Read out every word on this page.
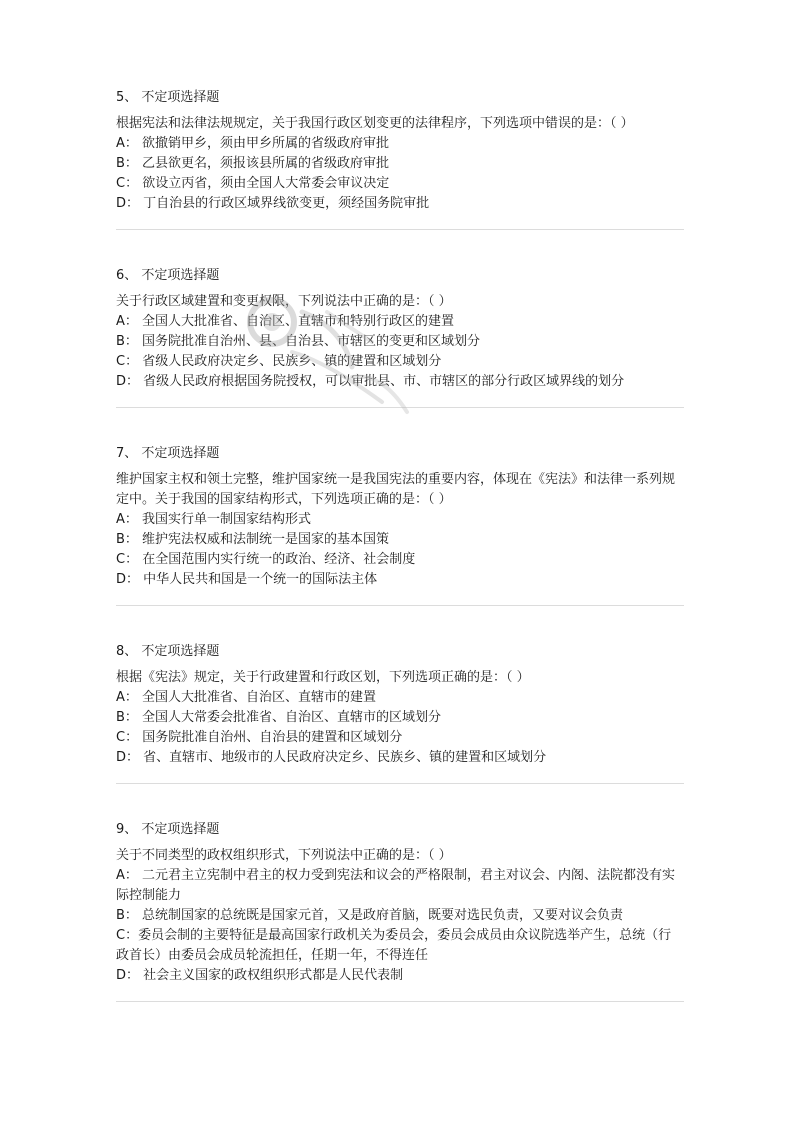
5、 不定项选择题
根据宪法和法律法规规定，关于我国行政区划变更的法律程序，下列选项中错误的是：（ ）
A： 欲撤销甲乡，须由甲乡所属的省级政府审批
B： 乙县欲更名，须报该县所属的省级政府审批
C： 欲设立丙省，须由全国人大常委会审议决定
D： 丁自治县的行政区域界线欲变更，须经国务院审批
6、 不定项选择题
关于行政区域建置和变更权限，下列说法中正确的是：（ ）
A： 全国人大批准省、自治区、直辖市和特别行政区的建置
B： 国务院批准自治州、县、自治县、市辖区的变更和区域划分
C： 省级人民政府决定乡、民族乡、镇的建置和区域划分
D： 省级人民政府根据国务院授权，可以审批县、市、市辖区的部分行政区域界线的划分
7、 不定项选择题
维护国家主权和领土完整，维护国家统一是我国宪法的重要内容，体现在《宪法》和法律一系列规定中。关于我国的国家结构形式，下列选项正确的是：（ ）
A： 我国实行单一制国家结构形式
B： 维护宪法权威和法制统一是国家的基本国策
C： 在全国范围内实行统一的政治、经济、社会制度
D： 中华人民共和国是一个统一的国际法主体
8、 不定项选择题
根据《宪法》规定，关于行政建置和行政区划，下列选项正确的是：（ ）
A： 全国人大批准省、自治区、直辖市的建置
B： 全国人大常委会批准省、自治区、直辖市的区域划分
C： 国务院批准自治州、自治县的建置和区域划分
D： 省、直辖市、地级市的人民政府决定乡、民族乡、镇的建置和区域划分
9、 不定项选择题
关于不同类型的政权组织形式，下列说法中正确的是：（ ）
A： 二元君主立宪制中君主的权力受到宪法和议会的严格限制，君主对议会、内阁、法院都没有实际控制能力
B： 总统制国家的总统既是国家元首，又是政府首脑，既要对选民负责，又要对议会负责
C：委员会制的主要特征是最高国家行政机关为委员会，委员会成员由众议院选举产生，总统（行政首长）由委员会成员轮流担任，任期一年，不得连任
D： 社会主义国家的政权组织形式都是人民代表制
